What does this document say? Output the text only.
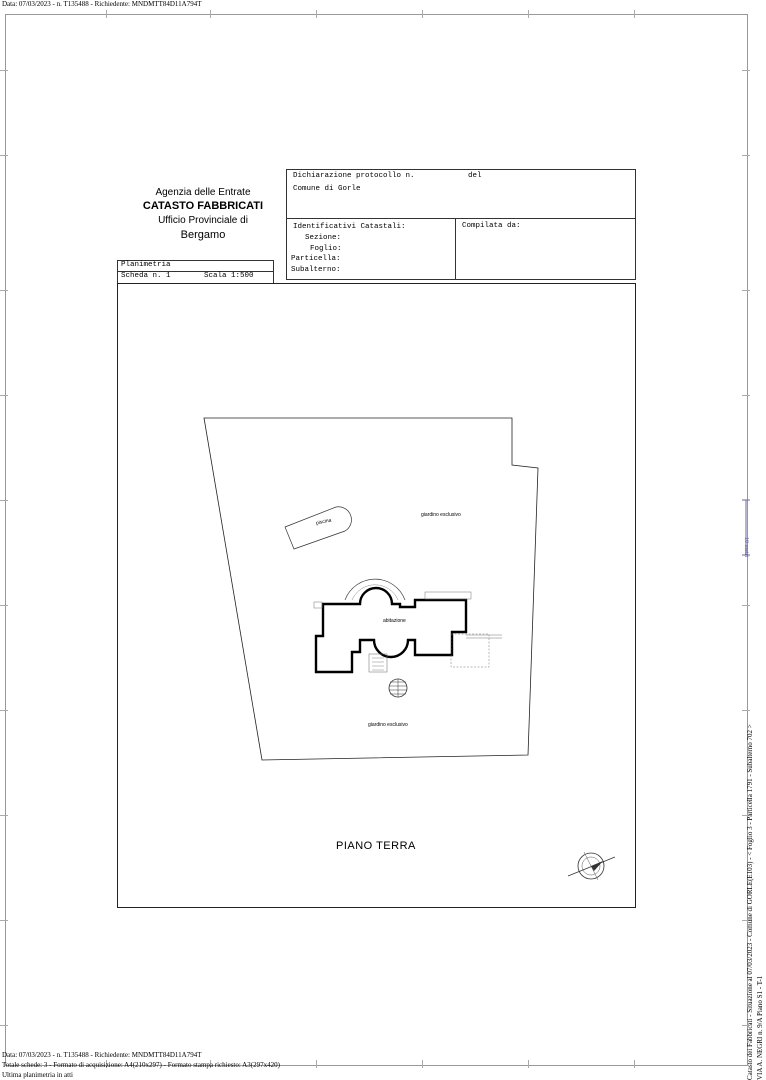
Data: 07/03/2023 - n. T135488 - Richiedente: MNDMTT84D11A794T
Agenzia delle Entrate
CATASTO FABBRICATI
Ufficio Provinciale di
Bergamo
Dichiarazione protocollo n.	del
Comune di Gorle
Identificativi Catastali:
Sezione:
Foglio:
Particella:
Subalterno:
Compilata da:
Planimetria
Scheda n. 1	Scala 1:500
piscina
giardino esclusivo
abitazione
giardino esclusivo
PIANO TERRA
10 metri
Catasto dei Fabbricati - Situazione al 07/03/2023 - Comune di GORLE(E103) - < Foglio 3 - Particella 1791 - Subalterno 702 > VIA A. NEGRI n. 9/A Piano S1 - T-1
Data: 07/03/2023 - n. T135488 - Richiedente: MNDMTT84D11A794T
Totale schede: 3 - Formato di acquisizione: A4(210x297) - Formato stampa richiesto: A3(297x420)
Ultima planimetria in atti
